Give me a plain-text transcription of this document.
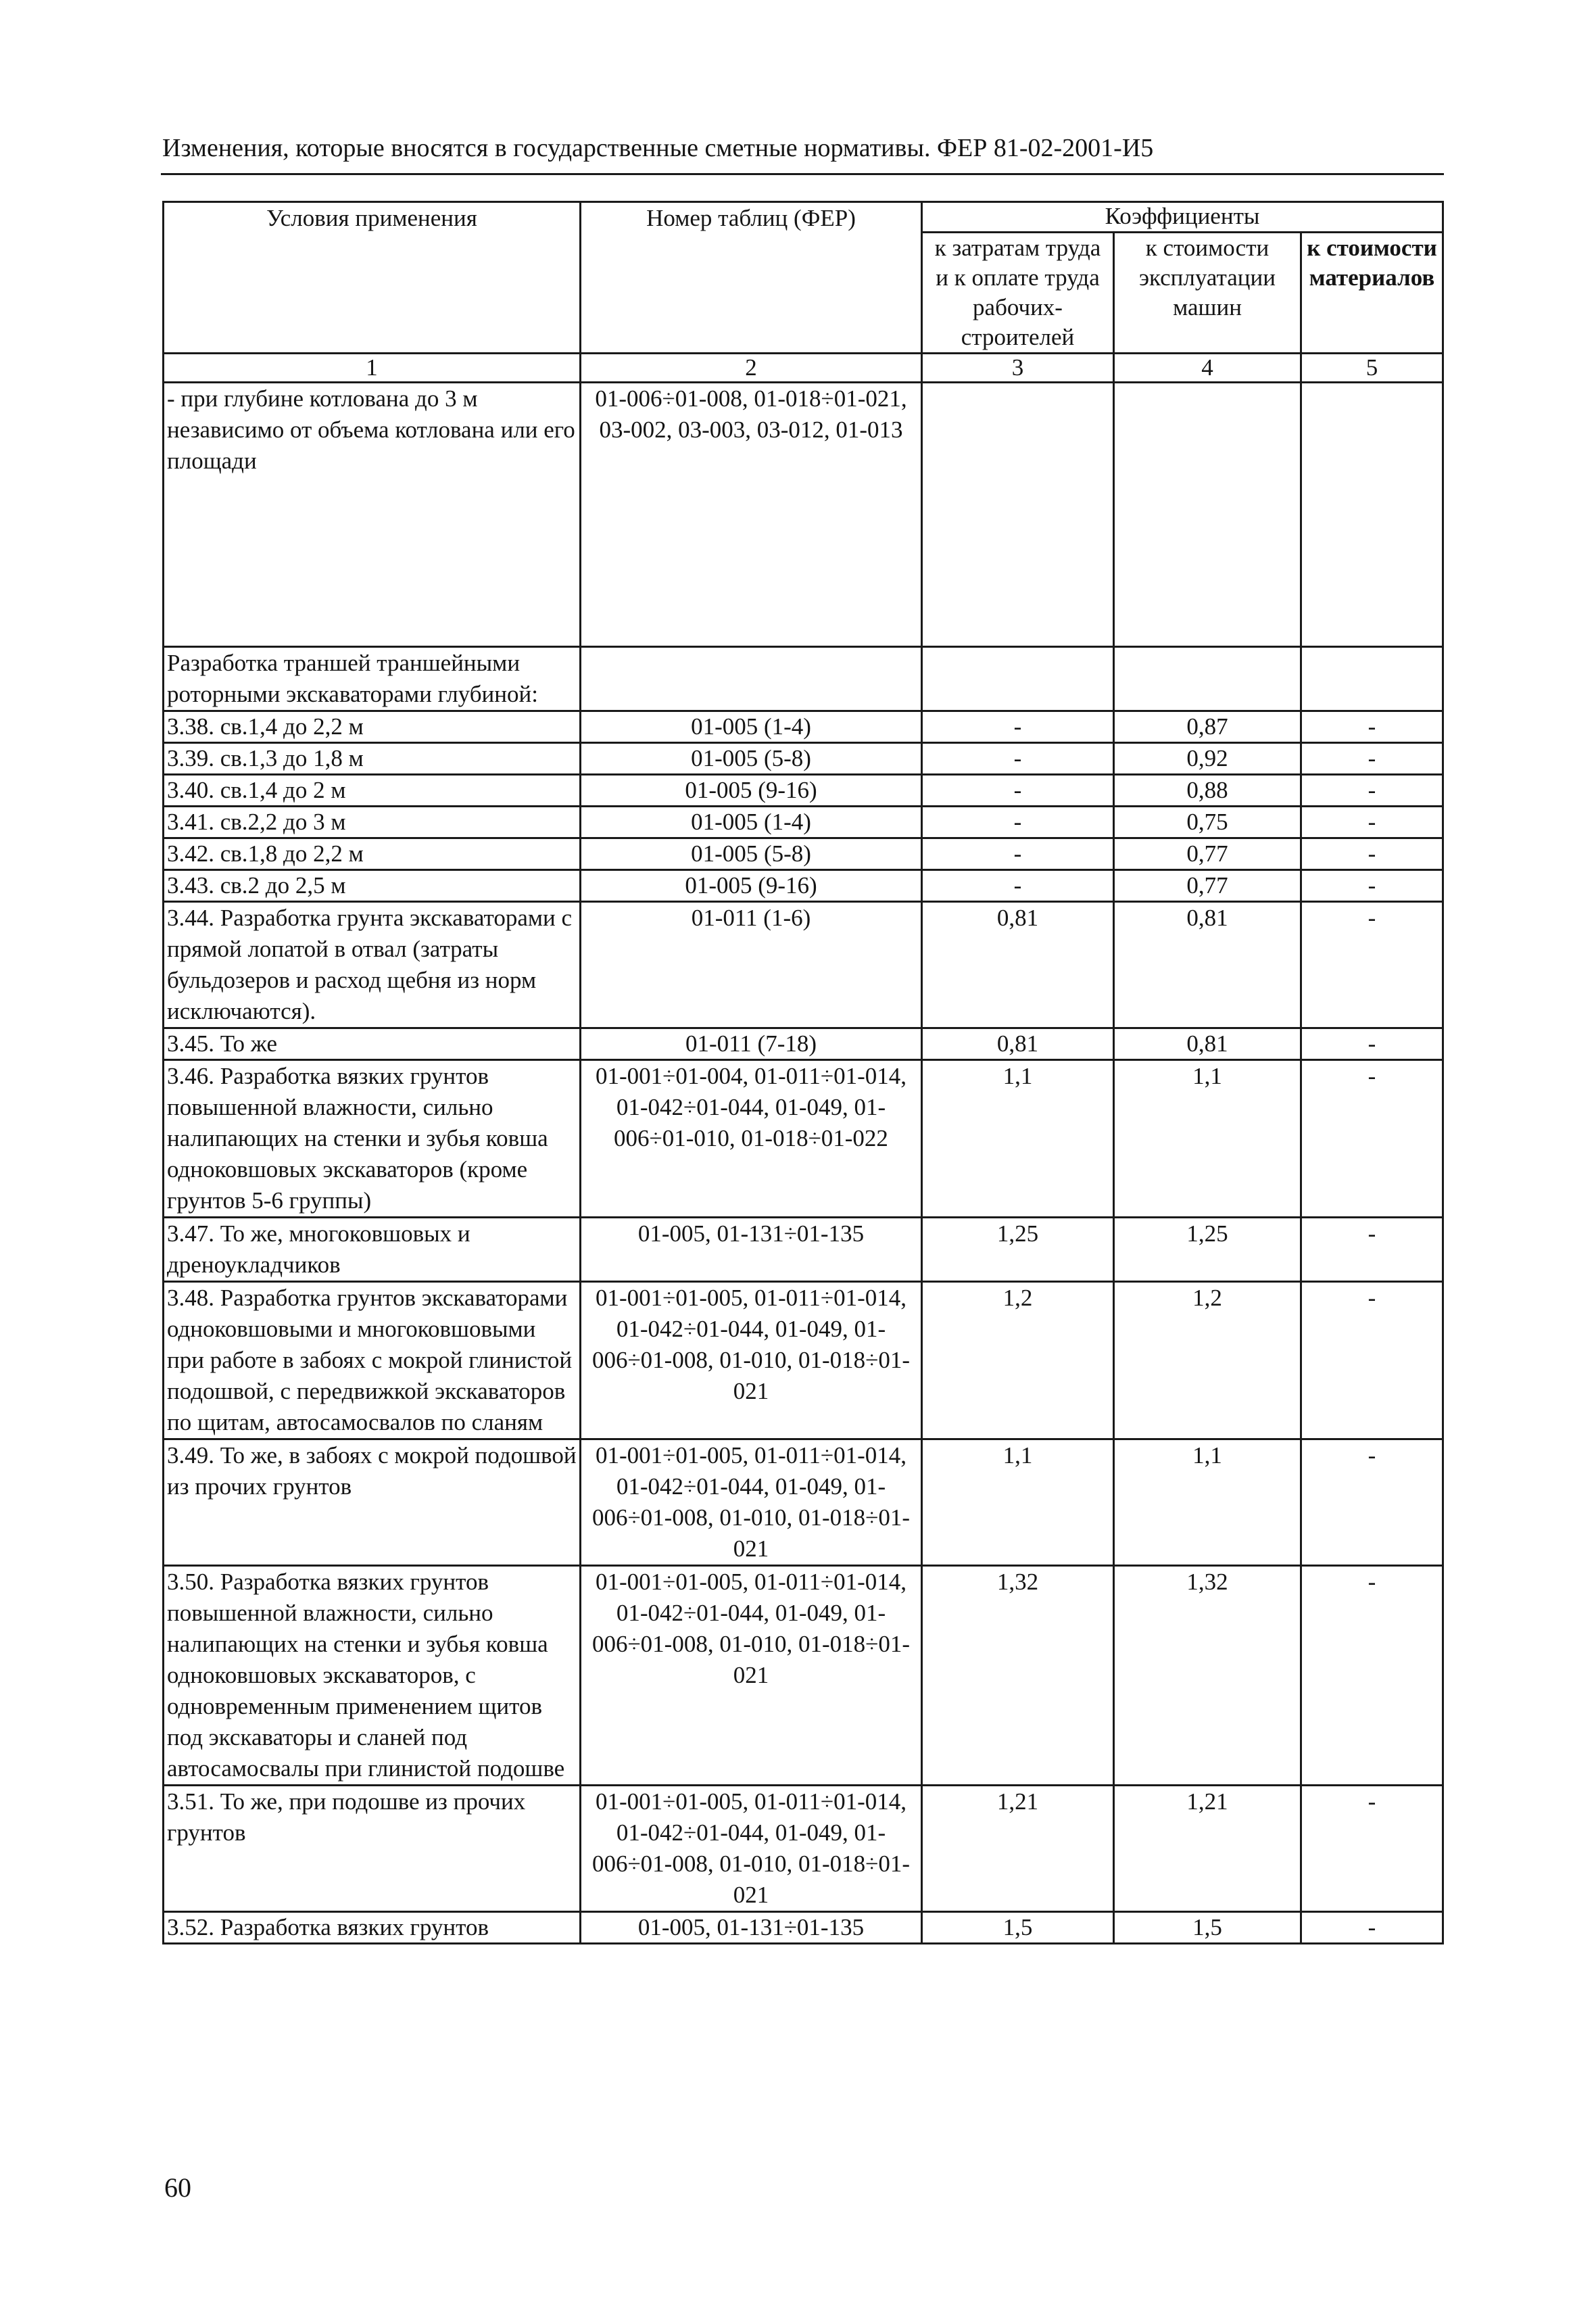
Изменения, которые вносятся в государственные сметные нормативы. ФЕР 81-02-2001-И5
Условия применения	Номер таблиц (ФЕР)	Коэффициенты		
		к затратам труда и к оплате труда рабочих-строителей	к стоимости эксплуатации машин	к стоимости материалов
1	2	3	4	5
- при глубине котлована до 3 м независимо от объема котлована или его площади	01-006÷01-008, 01-018÷01-021, 03-002, 03-003, 03-012, 01-013			
Разработка траншей траншейными роторными экскаваторами глубиной:				
3.38. св.1,4 до 2,2 м	01-005 (1-4)	-	0,87	-
3.39. св.1,3 до 1,8 м	01-005 (5-8)	-	0,92	-
3.40. св.1,4 до 2 м	01-005 (9-16)	-	0,88	-
3.41. св.2,2 до 3 м	01-005 (1-4)	-	0,75	-
3.42. св.1,8 до 2,2 м	01-005 (5-8)	-	0,77	-
3.43. св.2 до 2,5 м	01-005 (9-16)	-	0,77	-
3.44. Разработка грунта экскаваторами с прямой лопатой в отвал (затраты бульдозеров и расход щебня из норм исключаются).	01-011 (1-6)	0,81	0,81	-
3.45. То же	01-011 (7-18)	0,81	0,81	-
3.46. Разработка вязких грунтов повышенной влажности, сильно налипающих на стенки и зубья ковша одноковшовых экскаваторов (кроме грунтов 5-6 группы)	01-001÷01-004, 01-011÷01-014, 01-042÷01-044, 01-049, 01-006÷01-010, 01-018÷01-022	1,1	1,1	-
3.47. То же, многоковшовых и дреноукладчиков	01-005, 01-131÷01-135	1,25	1,25	-
3.48. Разработка грунтов экскаваторами одноковшовыми и многоковшовыми при работе в забоях с мокрой глинистой подошвой, с передвижкой экскаваторов по щитам, автосамосвалов по сланям	01-001÷01-005, 01-011÷01-014, 01-042÷01-044, 01-049, 01-006÷01-008, 01-010, 01-018÷01-021	1,2	1,2	-
3.49. То же, в забоях с мокрой подошвой из прочих грунтов	01-001÷01-005, 01-011÷01-014, 01-042÷01-044, 01-049, 01-006÷01-008, 01-010, 01-018÷01-021	1,1	1,1	-
3.50. Разработка вязких грунтов повышенной влажности, сильно налипающих на стенки и зубья ковша одноковшовых экскаваторов, с одновременным применением щитов под экскаваторы и сланей под автосамосвалы при глинистой подошве	01-001÷01-005, 01-011÷01-014, 01-042÷01-044, 01-049, 01-006÷01-008, 01-010, 01-018÷01-021	1,32	1,32	-
3.51. То же, при подошве из прочих грунтов	01-001÷01-005, 01-011÷01-014, 01-042÷01-044, 01-049, 01-006÷01-008, 01-010, 01-018÷01-021	1,21	1,21	-
3.52. Разработка вязких грунтов	01-005, 01-131÷01-135	1,5	1,5	-
60
